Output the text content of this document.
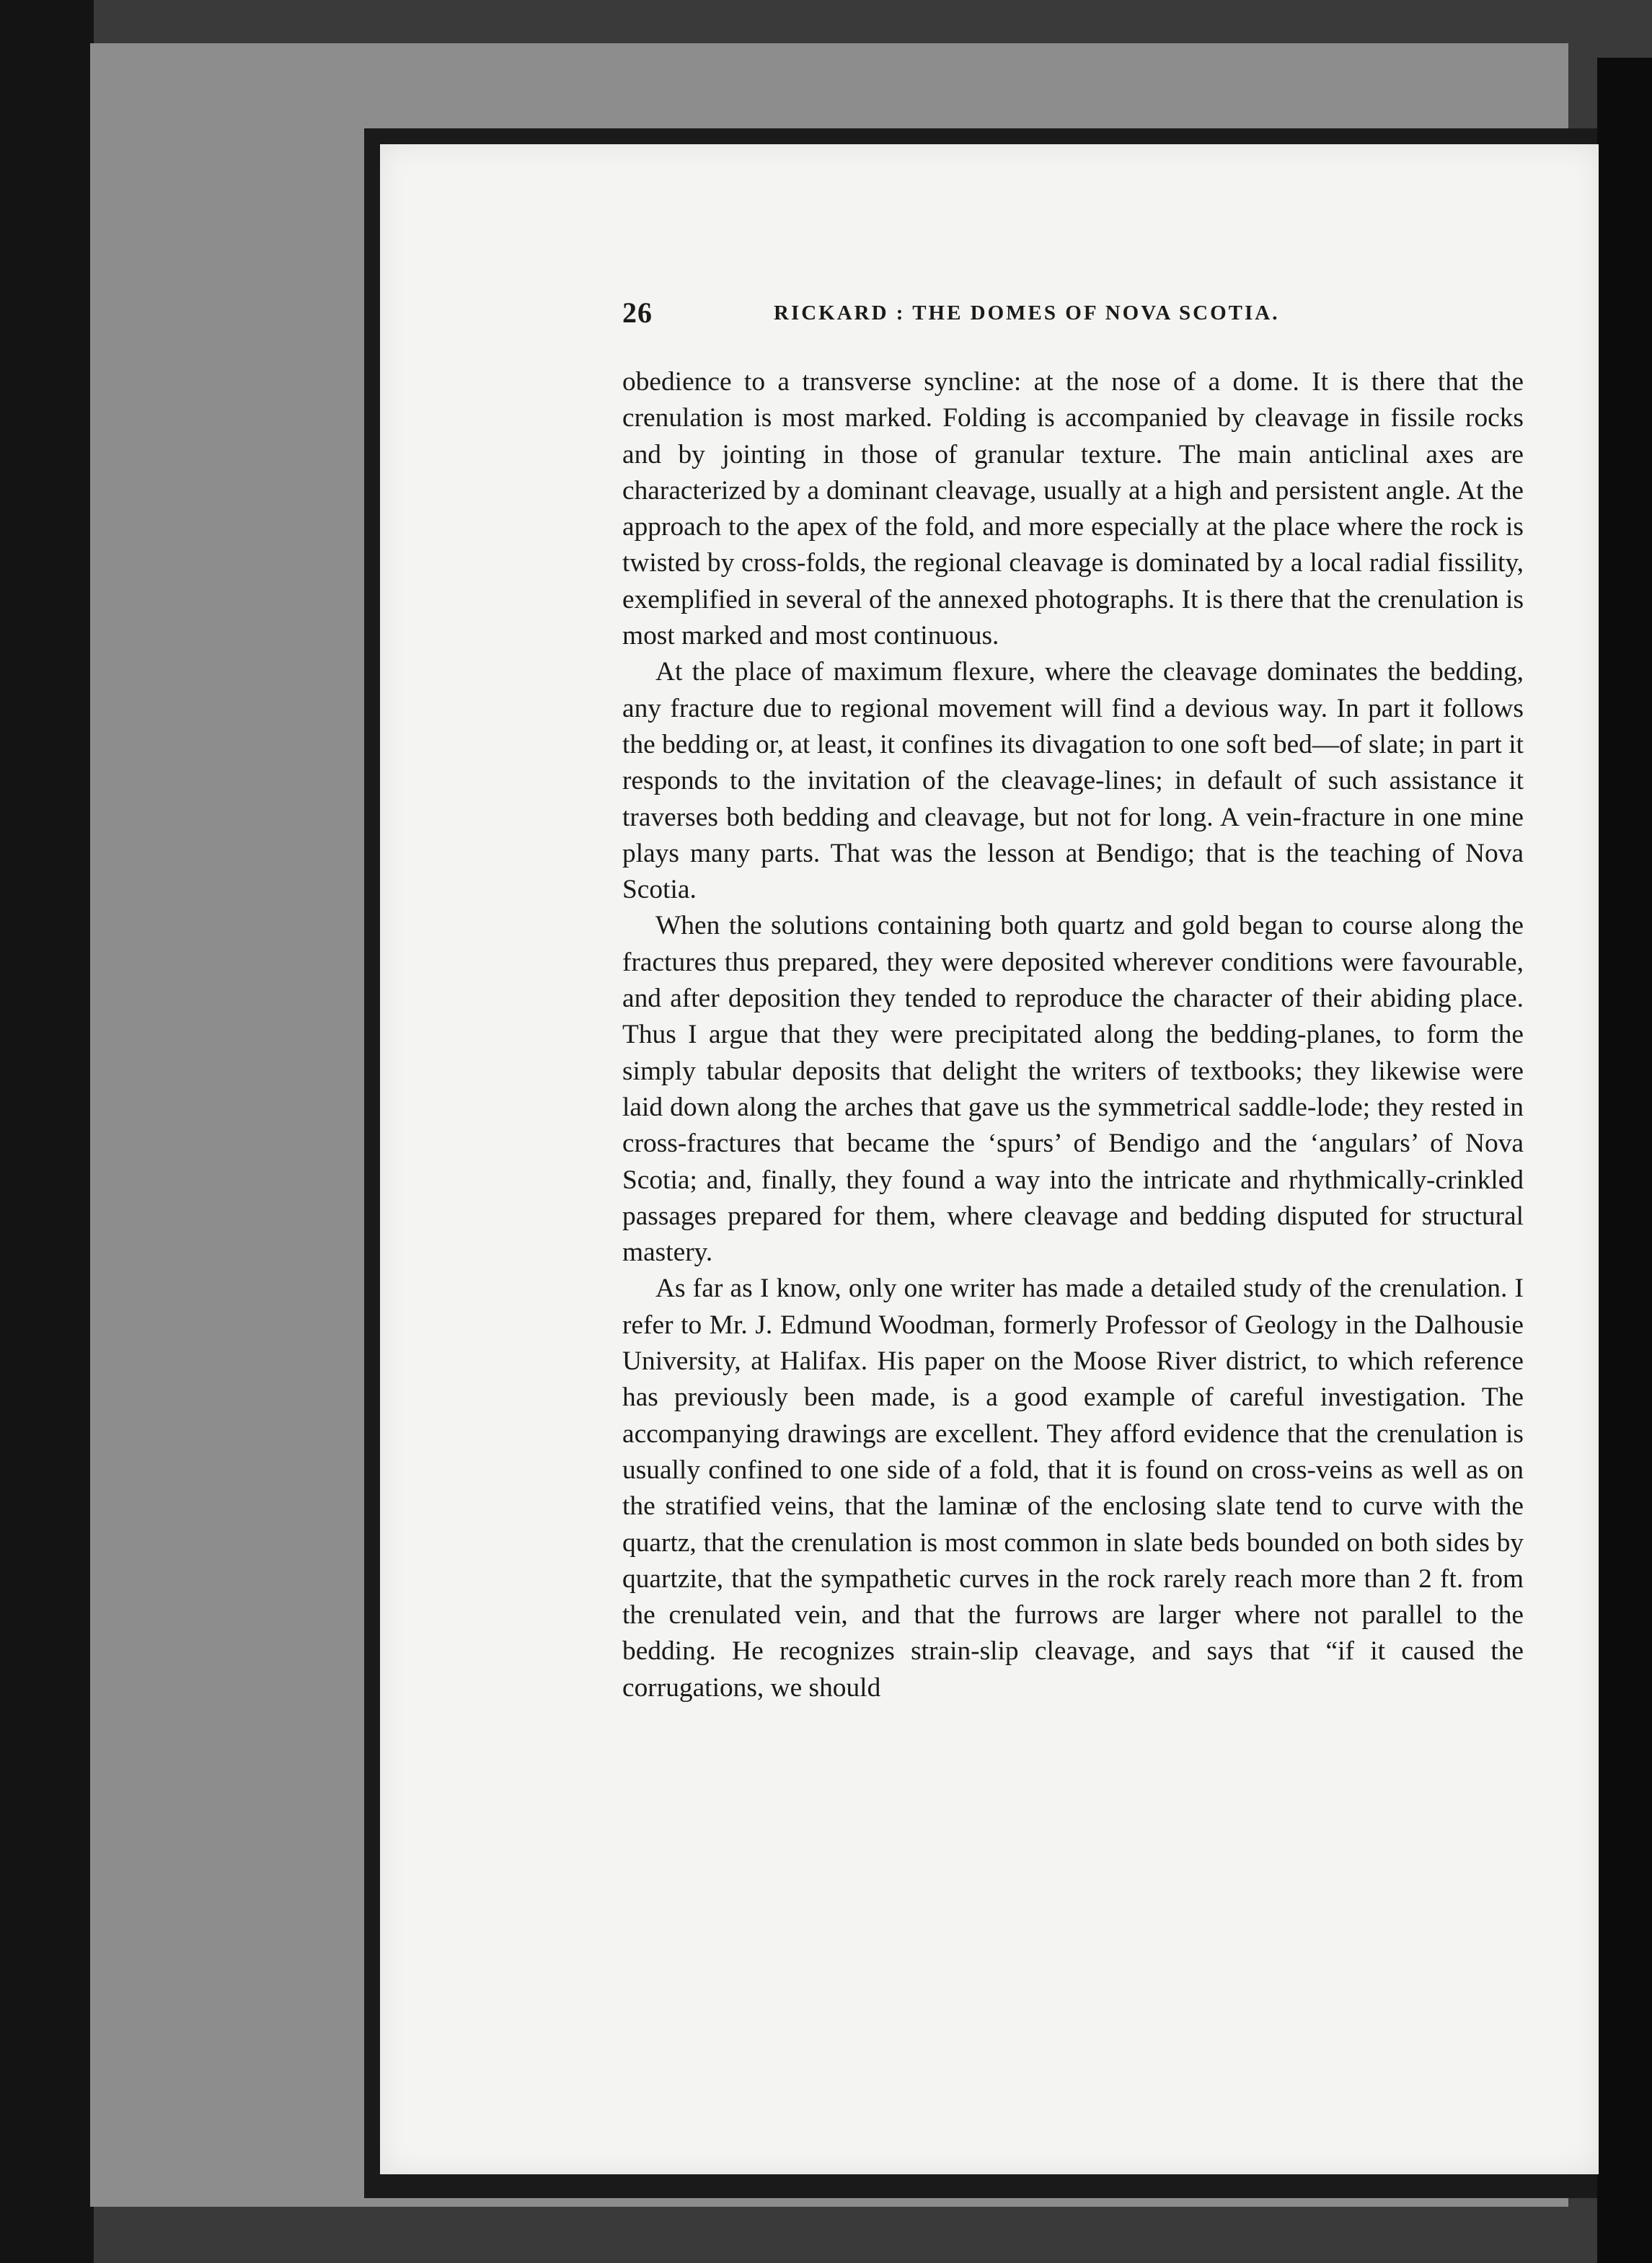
26	RICKARD : THE DOMES OF NOVA SCOTIA.

obedience to a transverse syncline: at the nose of a dome. It is there that the crenulation is most marked. Folding is accompanied by cleavage in fissile rocks and by jointing in those of granular texture. The main anticlinal axes are characterized by a dominant cleavage, usually at a high and persistent angle. At the approach to the apex of the fold, and more especially at the place where the rock is twisted by cross-folds, the regional cleavage is dominated by a local radial fissility, exemplified in several of the annexed photographs. It is there that the crenulation is most marked and most continuous.

At the place of maximum flexure, where the cleavage dominates the bedding, any fracture due to regional movement will find a devious way. In part it follows the bedding or, at least, it confines its divagation to one soft bed—of slate; in part it responds to the invitation of the cleavage-lines; in default of such assistance it traverses both bedding and cleavage, but not for long. A vein-fracture in one mine plays many parts. That was the lesson at Bendigo; that is the teaching of Nova Scotia.

When the solutions containing both quartz and gold began to course along the fractures thus prepared, they were deposited wherever conditions were favourable, and after deposition they tended to reproduce the character of their abiding place. Thus I argue that they were precipitated along the bedding-planes, to form the simply tabular deposits that delight the writers of textbooks; they likewise were laid down along the arches that gave us the symmetrical saddle-lode; they rested in cross-fractures that became the ‘spurs’ of Bendigo and the ‘angulars’ of Nova Scotia; and, finally, they found a way into the intricate and rhythmically-crinkled passages prepared for them, where cleavage and bedding disputed for structural mastery.

As far as I know, only one writer has made a detailed study of the crenulation. I refer to Mr. J. Edmund Woodman, formerly Professor of Geology in the Dalhousie University, at Halifax. His paper on the Moose River district, to which reference has previously been made, is a good example of careful investigation. The accompanying drawings are excellent. They afford evidence that the crenulation is usually confined to one side of a fold, that it is found on cross-veins as well as on the stratified veins, that the laminæ of the enclosing slate tend to curve with the quartz, that the crenulation is most common in slate beds bounded on both sides by quartzite, that the sympathetic curves in the rock rarely reach more than 2 ft. from the crenulated vein, and that the furrows are larger where not parallel to the bedding. He recognizes strain-slip cleavage, and says that “if it caused the corrugations, we should
